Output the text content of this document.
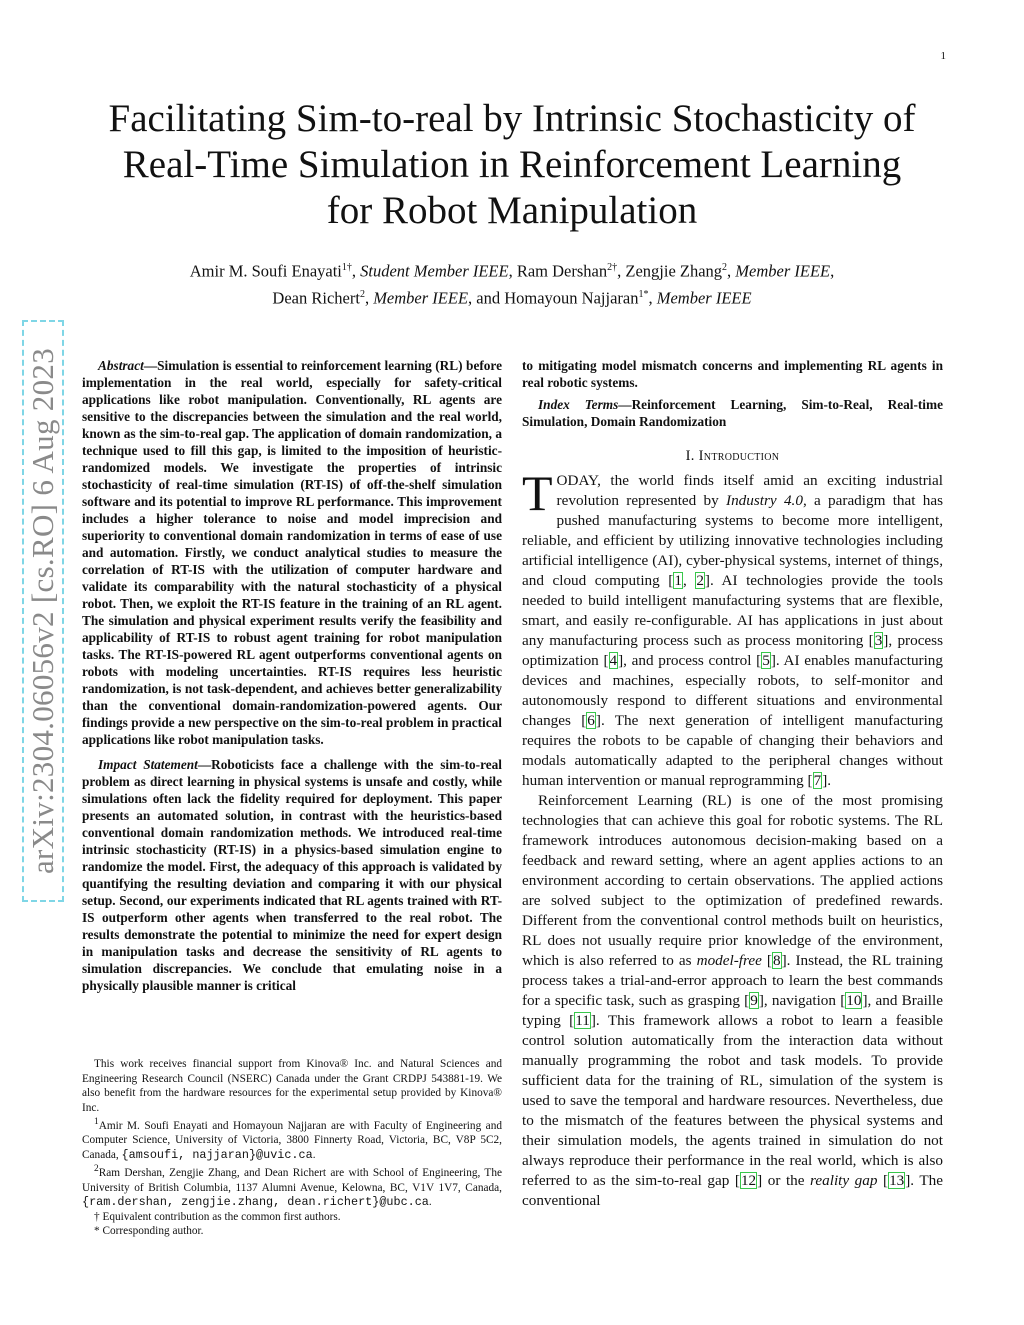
1
arXiv:2304.06056v2 [cs.RO] 6 Aug 2023
Facilitating Sim-to-real by Intrinsic Stochasticity of
Real-Time Simulation in Reinforcement Learning
for Robot Manipulation
Amir M. Soufi Enayati$^{1\dagger}$, Student Member IEEE, Ram Dershan$^{2\dagger}$, Zengjie Zhang$^2$, Member IEEE,
Dean Richert$^2$, Member IEEE, and Homayoun Najjaran$^{1*}$, Member IEEE

Abstract—Simulation is essential to reinforcement learning (RL) before implementation in the real world, especially for safety-critical applications like robot manipulation. Conventionally, RL agents are sensitive to the discrepancies between the simulation and the real world, known as the sim-to-real gap. The application of domain randomization, a technique used to fill this gap, is limited to the imposition of heuristic-randomized models. We investigate the properties of intrinsic stochasticity of real-time simulation (RT-IS) of off-the-shelf simulation software and its potential to improve RL performance. This improvement includes a higher tolerance to noise and model imprecision and superiority to conventional domain randomization in terms of ease of use and automation. Firstly, we conduct analytical studies to measure the correlation of RT-IS with the utilization of computer hardware and validate its comparability with the natural stochasticity of a physical robot. Then, we exploit the RT-IS feature in the training of an RL agent. The simulation and physical experiment results verify the feasibility and applicability of RT-IS to robust agent training for robot manipulation tasks. The RT-IS-powered RL agent outperforms conventional agents on robots with modeling uncertainties. RT-IS requires less heuristic randomization, is not task-dependent, and achieves better generalizability than the conventional domain-randomization-powered agents. Our findings provide a new perspective on the sim-to-real problem in practical applications like robot manipulation tasks.

Impact Statement—Roboticists face a challenge with the sim-to-real problem as direct learning in physical systems is unsafe and costly, while simulations often lack the fidelity required for deployment. This paper presents an automated solution, in contrast with the heuristics-based conventional domain randomization methods. We introduced real-time intrinsic stochasticity (RT-IS) in a physics-based simulation engine to randomize the model. First, the adequacy of this approach is validated by quantifying the resulting deviation and comparing it with our physical setup. Second, our experiments indicated that RL agents trained with RT-IS outperform other agents when transferred to the real robot. The results demonstrate the potential to minimize the need for expert design in manipulation tasks and decrease the sensitivity of RL agents to simulation discrepancies. We conclude that emulating noise in a physically plausible manner is critical

to mitigating model mismatch concerns and implementing RL agents in real robotic systems.

Index Terms—Reinforcement Learning, Sim-to-Real, Real-time Simulation, Domain Randomization

I. Introduction

TODAY, the world finds itself amid an exciting industrial revolution represented by Industry 4.0, a paradigm that has pushed manufacturing systems to become more intelligent, reliable, and efficient by utilizing innovative technologies including artificial intelligence (AI), cyber-physical systems, internet of things, and cloud computing [1, 2]. AI technologies provide the tools needed to build intelligent manufacturing systems that are flexible, smart, and easily re-configurable. AI has applications in just about any manufacturing process such as process monitoring [3], process optimization [4], and process control [5]. AI enables manufacturing devices and machines, especially robots, to self-monitor and autonomously respond to different situations and environmental changes [6]. The next generation of intelligent manufacturing requires the robots to be capable of changing their behaviors and modals automatically adapted to the peripheral changes without human intervention or manual reprogramming [7].

Reinforcement Learning (RL) is one of the most promising technologies that can achieve this goal for robotic systems. The RL framework introduces autonomous decision-making based on a feedback and reward setting, where an agent applies actions to an environment according to certain observations. The applied actions are solved subject to the optimization of predefined rewards. Different from the conventional control methods built on heuristics, RL does not usually require prior knowledge of the environment, which is also referred to as model-free [8]. Instead, the RL training process takes a trial-and-error approach to learn the best commands for a specific task, such as grasping [9], navigation [10], and Braille typing [11]. This framework allows a robot to learn a feasible control solution automatically from the interaction data without manually programming the robot and task models. To provide sufficient data for the training of RL, simulation of the system is used to save the temporal and hardware resources. Nevertheless, due to the mismatch of the features between the physical systems and their simulation models, the agents trained in simulation do not always reproduce their performance in the real world, which is also referred to as the sim-to-real gap [12] or the reality gap [13]. The conventional

This work receives financial support from Kinova® Inc. and Natural Sciences and Engineering Research Council (NSERC) Canada under the Grant CRDPJ 543881-19. We also benefit from the hardware resources for the experimental setup provided by Kinova® Inc.

$^1$Amir M. Soufi Enayati and Homayoun Najjaran are with Faculty of Engineering and Computer Science, University of Victoria, 3800 Finnerty Road, Victoria, BC, V8P 5C2, Canada, {amsoufi, najjaran}@uvic.ca.

$^2$Ram Dershan, Zengjie Zhang, and Dean Richert are with School of Engineering, The University of British Columbia, 1137 Alumni Avenue, Kelowna, BC, V1V 1V7, Canada, {ram.dershan, zengjie.zhang, dean.richert}@ubc.ca.

† Equivalent contribution as the common first authors.

* Corresponding author.
